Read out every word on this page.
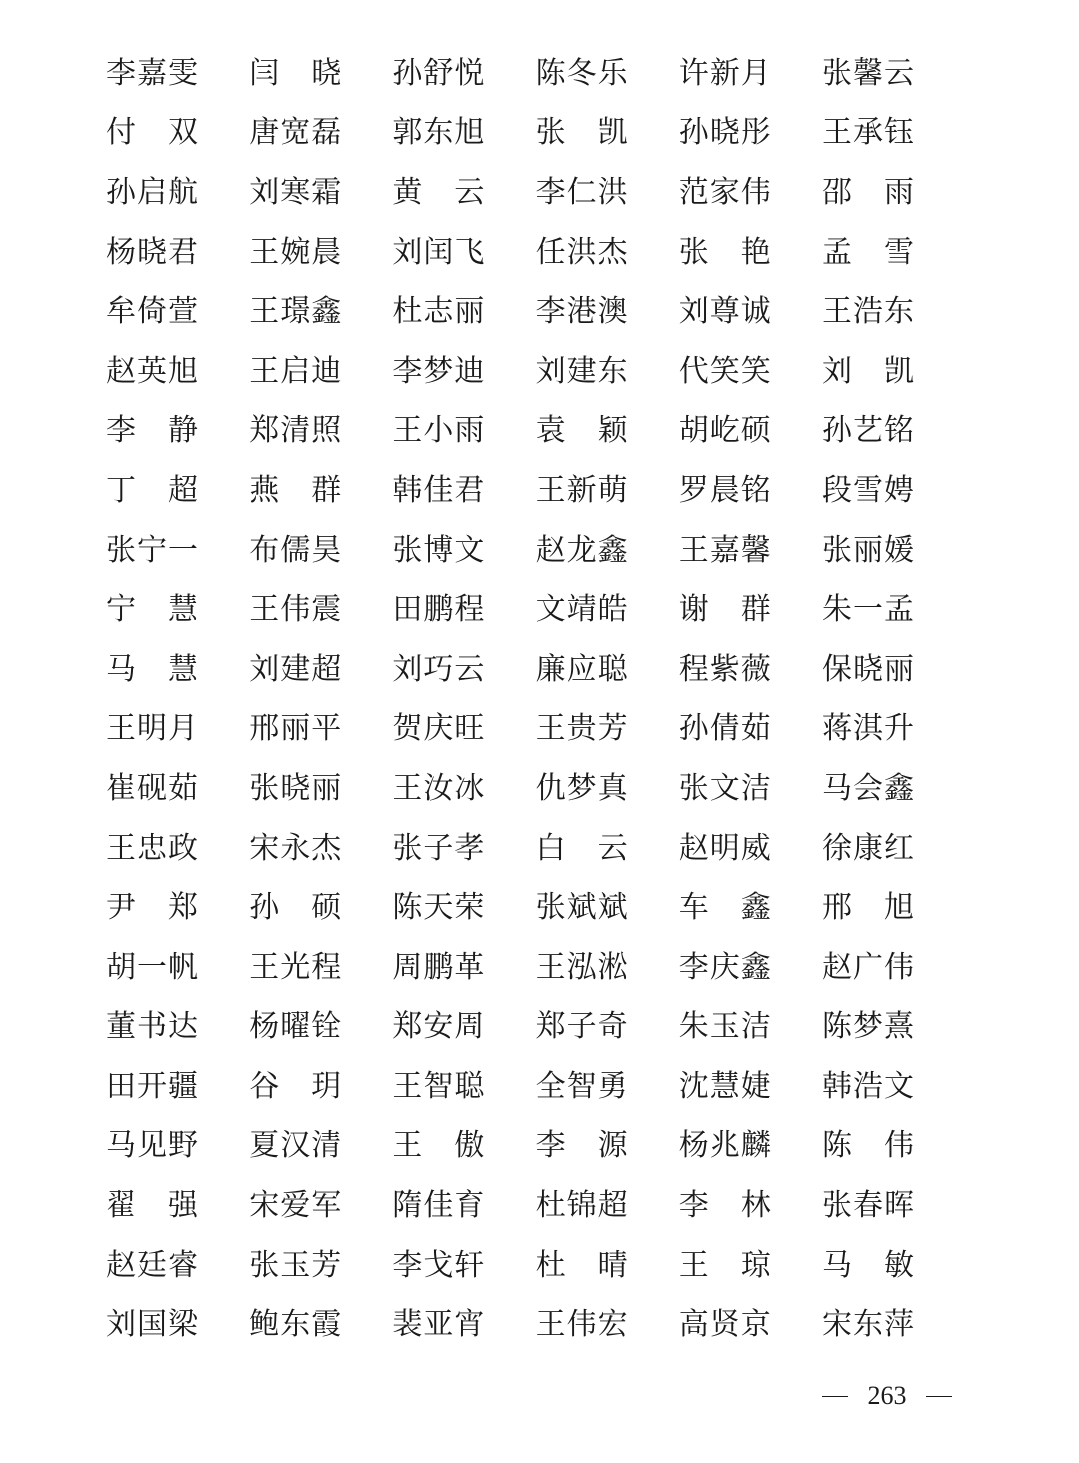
李嘉雯	闫 晓	孙舒悦	陈冬乐	许新月	张馨云
付 双	唐宽磊	郭东旭	张 凯	孙晓彤	王承钰
孙启航	刘寒霜	黄 云	李仁洪	范家伟	邵 雨
杨晓君	王婉晨	刘闰飞	任洪杰	张 艳	孟 雪
牟倚萱	王璟鑫	杜志丽	李港澳	刘尊诚	王浩东
赵英旭	王启迪	李梦迪	刘建东	代笑笑	刘 凯
李 静	郑清照	王小雨	袁 颖	胡屹硕	孙艺铭
丁 超	燕 群	韩佳君	王新萌	罗晨铭	段雪娉
张宁一	布儒昊	张博文	赵龙鑫	王嘉馨	张丽媛
宁 慧	王伟震	田鹏程	文靖皓	谢 群	朱一孟
马 慧	刘建超	刘巧云	廉应聪	程紫薇	保晓丽
王明月	邢丽平	贺庆旺	王贵芳	孙倩茹	蒋淇升
崔砚茹	张晓丽	王汝冰	仇梦真	张文洁	马会鑫
王忠政	宋永杰	张子孝	白 云	赵明威	徐康红
尹 郑	孙 硕	陈天荣	张斌斌	车 鑫	邢 旭
胡一帆	王光程	周鹏革	王泓淞	李庆鑫	赵广伟
董书达	杨曜铨	郑安周	郑子奇	朱玉洁	陈梦熹
田开疆	谷 玥	王智聪	全智勇	沈慧婕	韩浩文
马见野	夏汉清	王 傲	李 源	杨兆麟	陈 伟
翟 强	宋爱军	隋佳育	杜锦超	李 林	张春晖
赵廷睿	张玉芳	李戈轩	杜 晴	王 琼	马 敏
刘国梁	鲍东霞	裴亚宵	王伟宏	高贤京	宋东萍
263
